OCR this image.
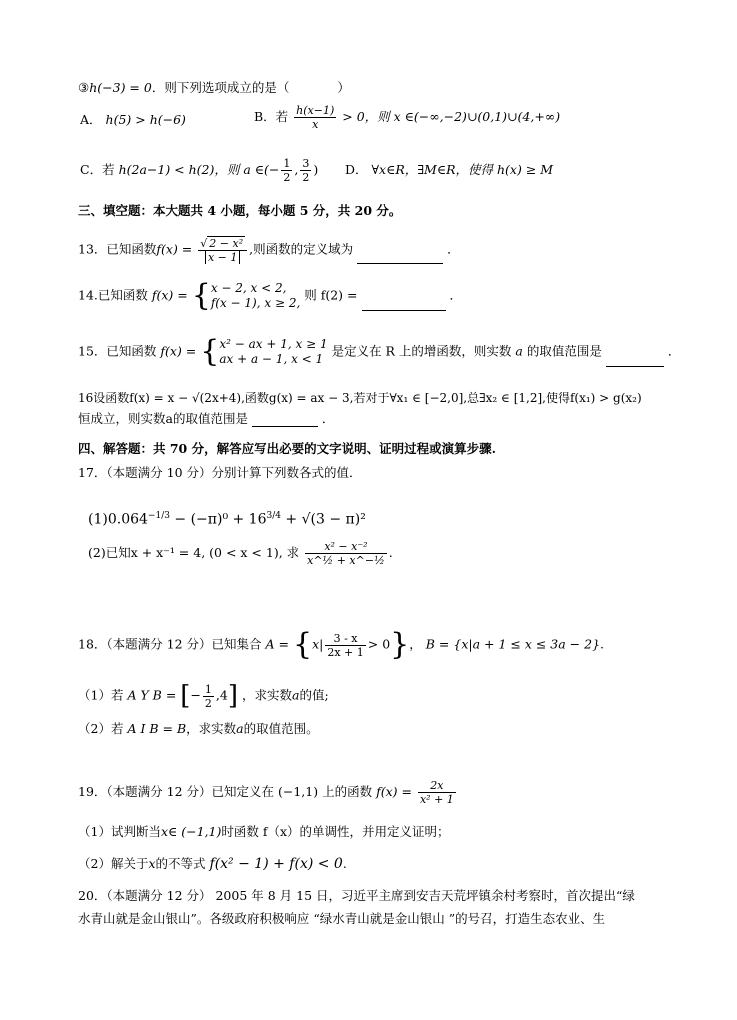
③h(−3) = 0．则下列选项成立的是（	）
A． h(5) > h(−6)	B．若 $\frac{h(x-1)}{x} > 0$，则 x ∈(−∞,−2)∪(0,1)∪(4,+∞)
C．若 h(2a−1) < h(2)，则 a ∈(− $\frac{1}{2}$ , $\frac{3}{2}$ ) D． ∀x∈R，∃M∈R，使得 h(x) ≥ M
三、填空题：本大题共 4 小题，每小题 5 分，共 20 分。
13．已知函数$f(x) = \frac{\text{√ 2 − x²}}{x - 1}$ ,则函数的定义域为	．
14.已知函数 f(x) = { x − 2, x < 2,
f(x − 1), x ≥ 2,
则 f(2) =	．
15．已知函数 f(x) = { x² − ax + 1, x ≥ 1
ax + a − 1, x < 1
是定义在 R 上的增函数，则实数 a 的取值范围是	．
16设函数f(x) = x − √(2x+4),函数g(x) = ax − 3,若对于∀x₁ ∈ [−2,0],总∃x₂ ∈ [1,2],使得f(x₁) > g(x₂)
恒成立，则实数a的取值范围是	．
四、解答题：共 70 分，解答应写出必要的文字说明、证明过程或演算步骤.
17．（本题满分 10 分）分别计算下列数各式的值．
$(1)0.064^{-1/3} - (-\pi)^0 + 16^{3/4} + √(3 - \pi)^2$
(2)已知x + x⁻¹ = 4, (0 < x < 1), 求 $\frac{\text{x² − x⁻²}}{\text{x\textasciicircum{}½ + x\textasciicircum{}−½}}$ .
18．（本题满分 12 分）已知集合 $A = \{x| \frac{3 - x}{2x + 1} > 0\}$， B = {x|a + 1 ≤ x ≤ 3a − 2}.
（1）若 A Y B = [− $\frac{1}{2} ,4$] ，求实数a的值;
（2）若 A I B = B，求实数a的取值范围。
19．（本题满分 12 分）已知定义在 (−1,1) 上的函数 $f(x) = \frac{2x}{\text{x² + 1}}$
（1）试判断当x∈ (−1,1)时函数 f（x）的单调性，并用定义证明；
（2）解关于x的不等式 f(x² − 1) + f(x) < 0.
20．（本题满分 12 分） 2005 年 8 月 15 日，习近平主席到安吉天荒坪镇余村考察时，首次提出“绿
水青山就是金山银山”。各级政府积极响应 “绿水青山就是金山银山 ”的号召，打造生态农业、生
